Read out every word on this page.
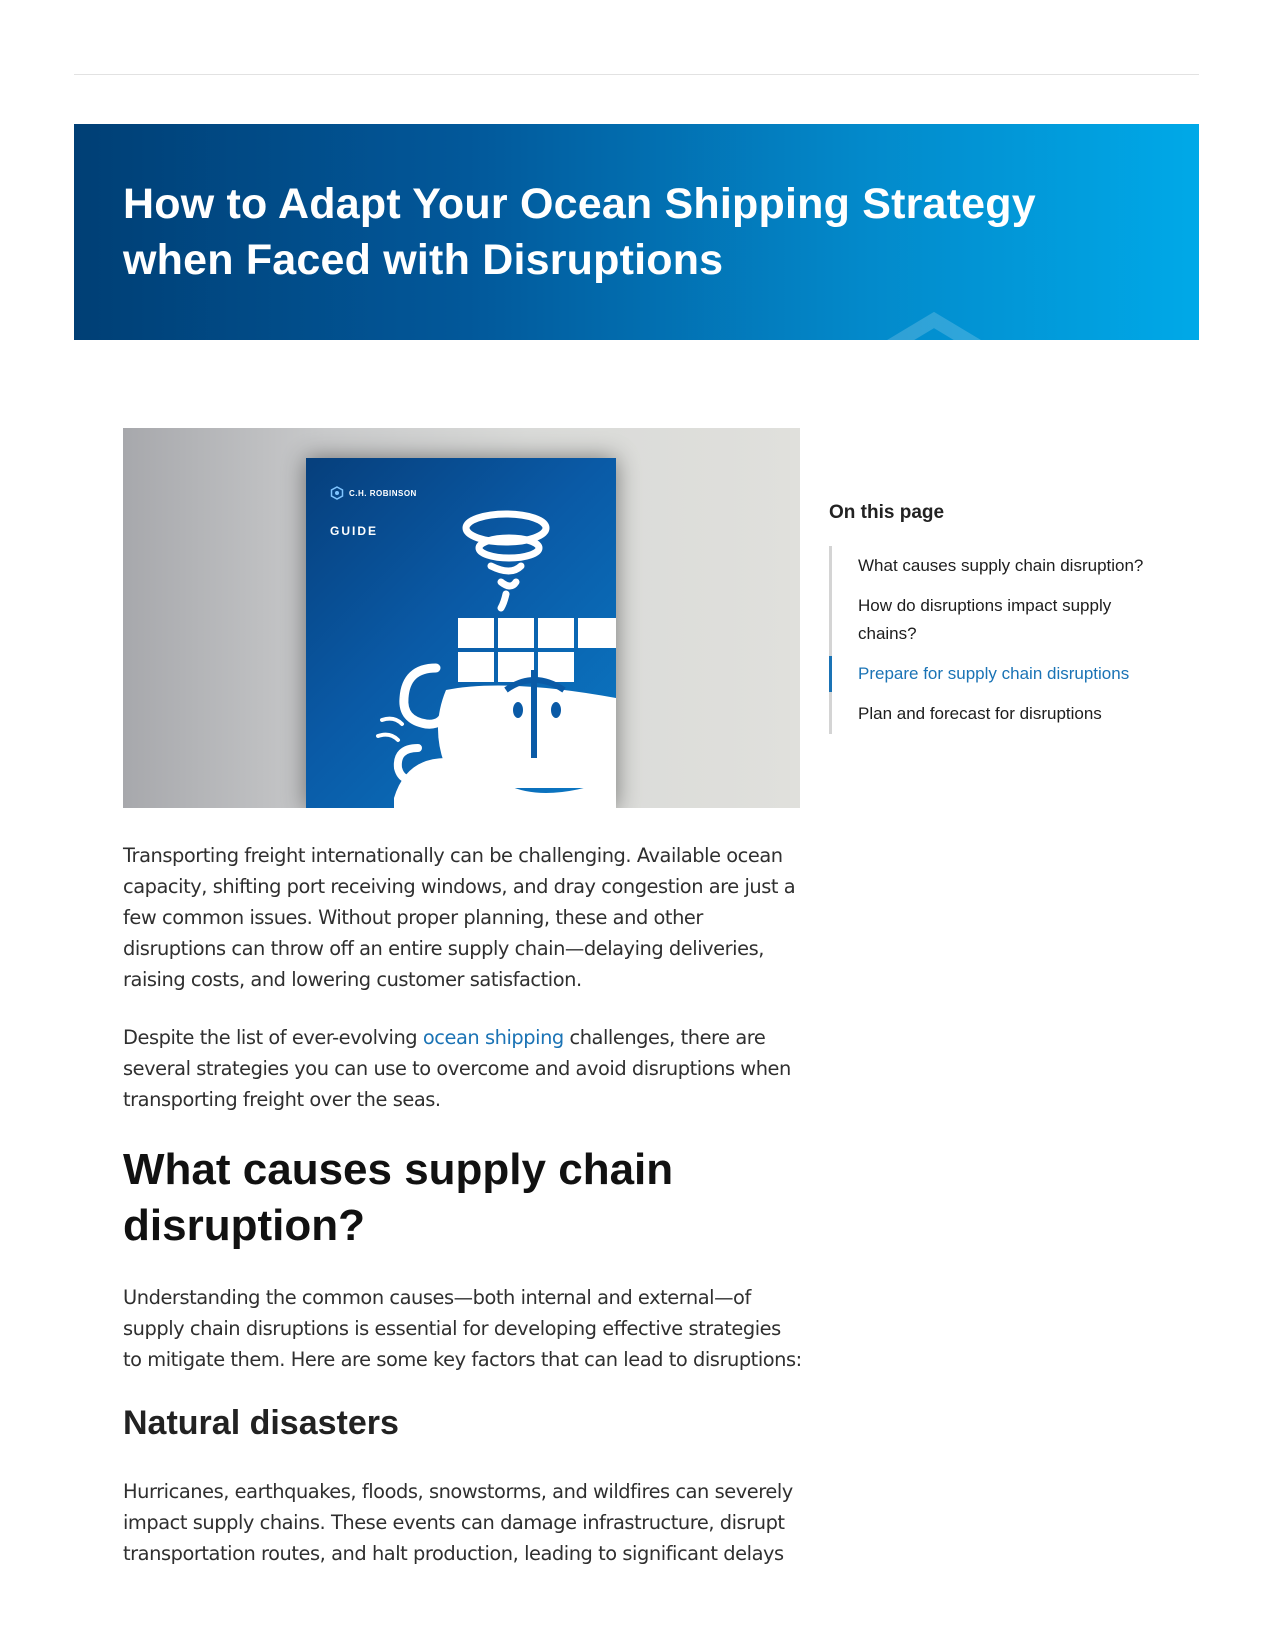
How to Adapt Your Ocean Shipping Strategy when Faced with Disruptions
C.H. ROBINSON
GUIDE

Transporting freight internationally can be challenging. Available ocean capacity, shifting port receiving windows, and dray congestion are just a few common issues. Without proper planning, these and other disruptions can throw off an entire supply chain—delaying deliveries, raising costs, and lowering customer satisfaction.

Despite the list of ever-evolving ocean shipping challenges, there are several strategies you can use to overcome and avoid disruptions when transporting freight over the seas.

What causes supply chain disruption?

Understanding the common causes—both internal and external—of supply chain disruptions is essential for developing effective strategies to mitigate them. Here are some key factors that can lead to disruptions:

Natural disasters

Hurricanes, earthquakes, floods, snowstorms, and wildfires can severely impact supply chains. These events can damage infrastructure, disrupt transportation routes, and halt production, leading to significant delays

On this page
What causes supply chain disruption?
How do disruptions impact supply chains?
Prepare for supply chain disruptions
Plan and forecast for disruptions
